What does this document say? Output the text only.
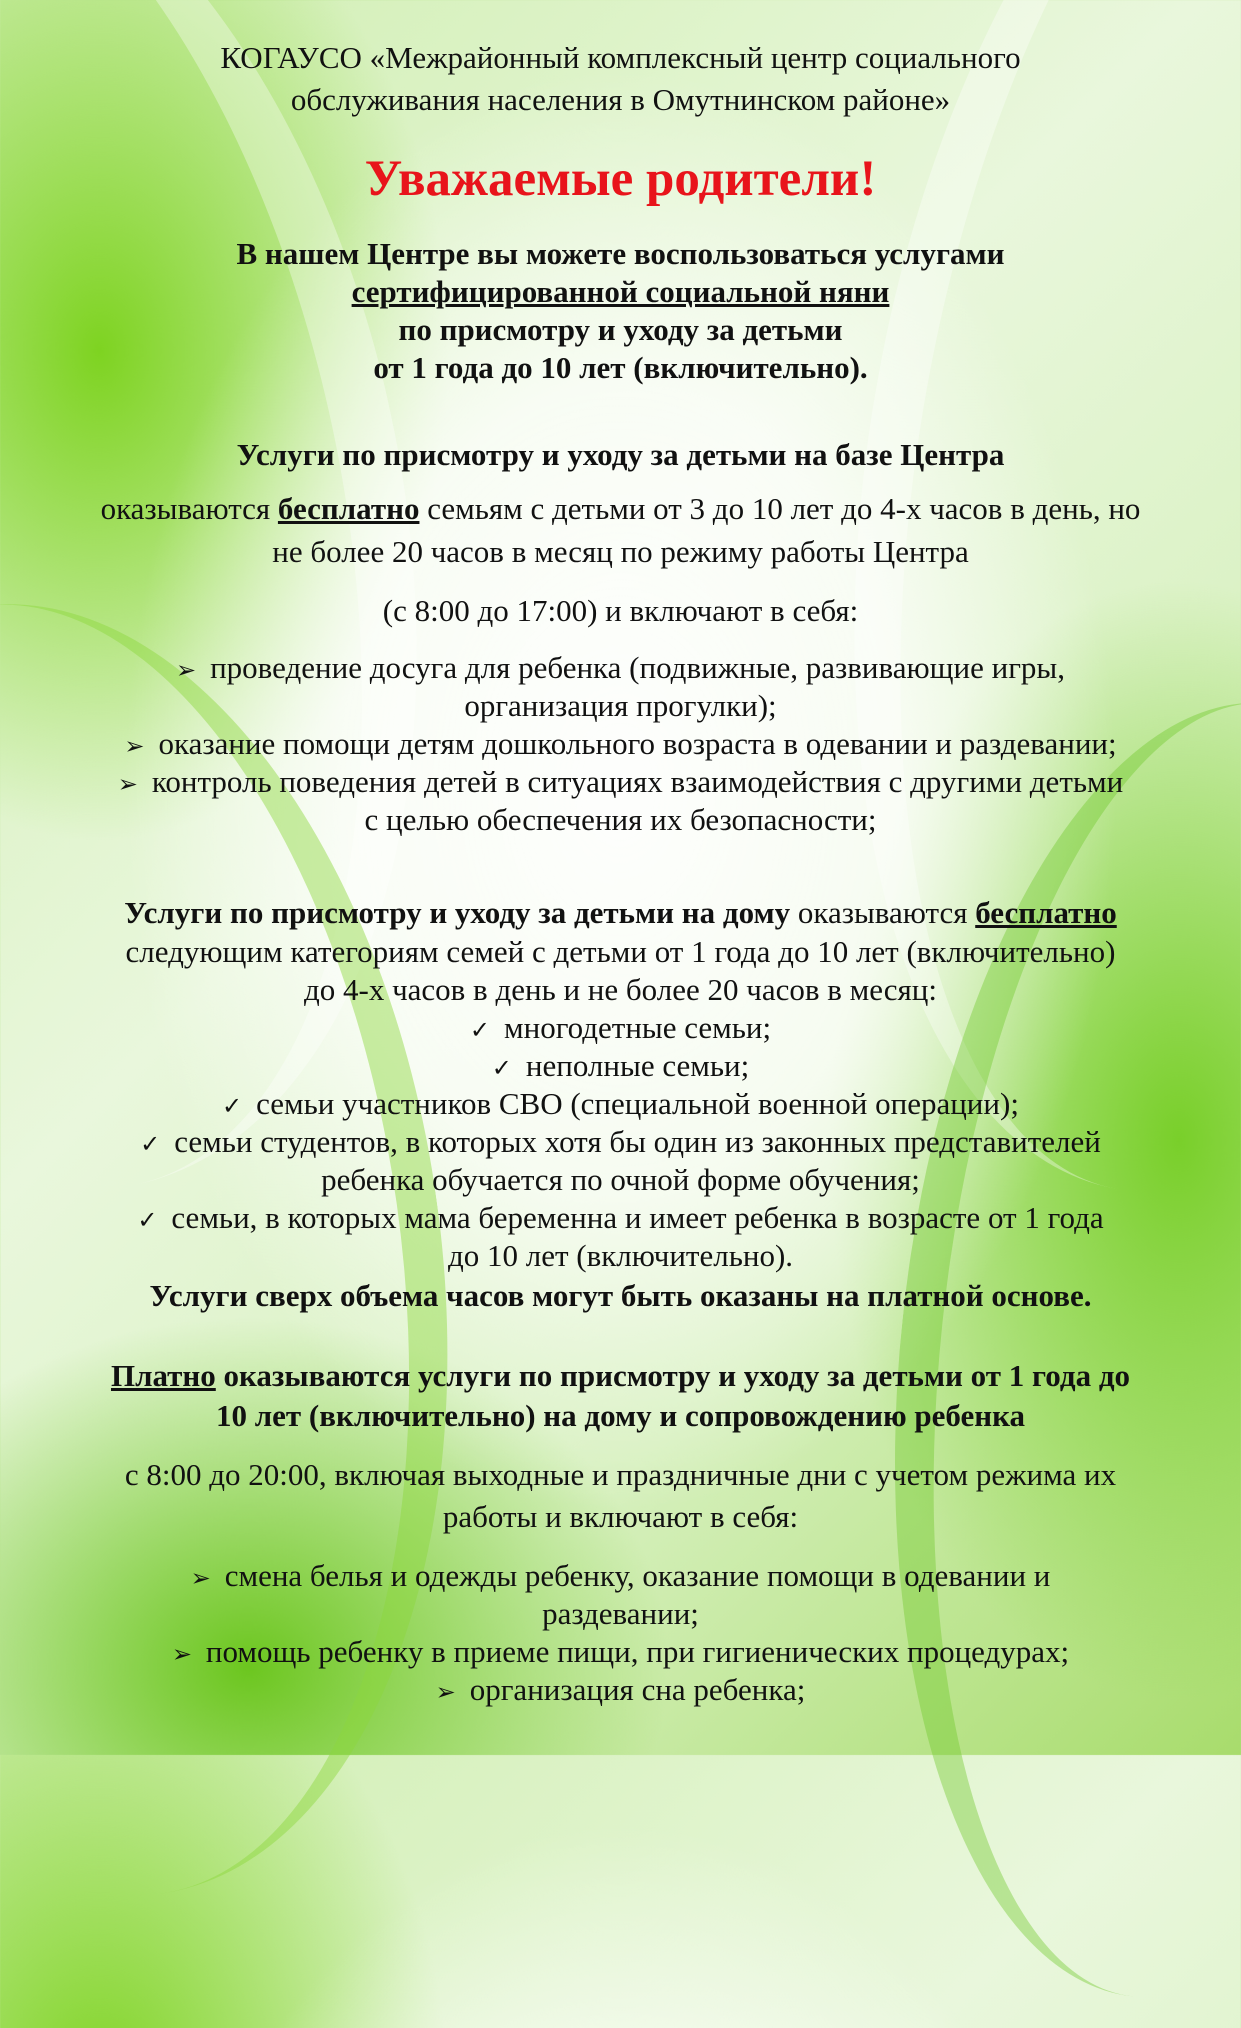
КОГАУСО «Межрайонный комплексный центр социального
обслуживания населения в Омутнинском районе»
Уважаемые родители!
В нашем Центре вы можете воспользоваться услугами
сертифицированной социальной няни
по присмотру и уходу за детьми
от 1 года до 10 лет (включительно).
Услуги по присмотру и уходу за детьми на базе Центра
оказываются бесплатно семьям с детьми от 3 до 10 лет до 4-х часов в день, но
не более 20 часов в месяц по режиму работы Центра
(с 8:00 до 17:00) и включают в себя:
➢ проведение досуга для ребенка (подвижные, развивающие игры,
организация прогулки);
➢ оказание помощи детям дошкольного возраста в одевании и раздевании;
➢ контроль поведения детей в ситуациях взаимодействия с другими детьми
с целью обеспечения их безопасности;
Услуги по присмотру и уходу за детьми на дому оказываются бесплатно
следующим категориям семей с детьми от 1 года до 10 лет (включительно)
до 4-х часов в день и не более 20 часов в месяц:
✓ многодетные семьи;
✓ неполные семьи;
✓ семьи участников СВО (специальной военной операции);
✓ семьи студентов, в которых хотя бы один из законных представителей
ребенка обучается по очной форме обучения;
✓ семьи, в которых мама беременна и имеет ребенка в возрасте от 1 года
до 10 лет (включительно).
Услуги сверх объема часов могут быть оказаны на платной основе.
Платно оказываются услуги по присмотру и уходу за детьми от 1 года до
10 лет (включительно) на дому и сопровождению ребенка
с 8:00 до 20:00, включая выходные и праздничные дни с учетом режима их
работы и включают в себя:
➢ смена белья и одежды ребенку, оказание помощи в одевании и
раздевании;
➢ помощь ребенку в приеме пищи, при гигиенических процедурах;
➢ организация сна ребенка;
